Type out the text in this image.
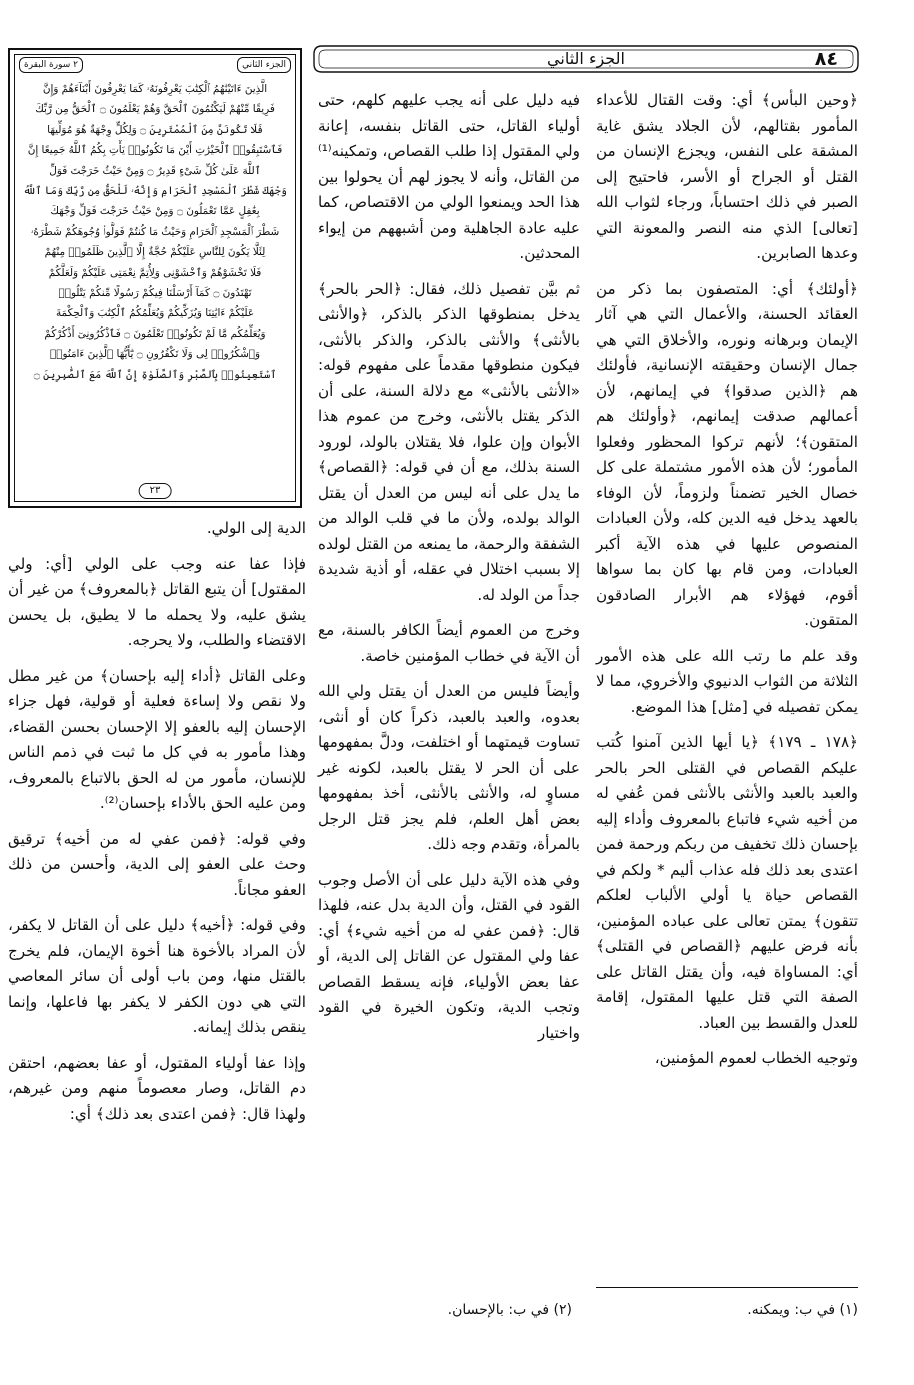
٨٤
الجزء الثاني
الجزء الثاني
٢ سورة البقرة
الَّذِينَ ءَاتَيْنَٰهُمُ ٱلْكِتَٰبَ يَعْرِفُونَهُۥ كَمَا يَعْرِفُونَ أَبْنَآءَهُمْ وَإِنَّ
فَرِيقًا مِّنْهُمْ لَيَكْتُمُونَ ٱلْحَقَّ وَهُمْ يَعْلَمُونَ ۝ ٱلْحَقُّ مِن رَّبِّكَ
فَلَا تَكُونَنَّ مِنَ ٱلْمُمْتَرِينَ ۝ وَلِكُلٍّ وِجْهَةٌ هُوَ مُوَلِّيهَا
فَٱسْتَبِقُوا۟ ٱلْخَيْرَٰتِ أَيْنَ مَا تَكُونُوا۟ يَأْتِ بِكُمُ ٱللَّهُ جَمِيعًا إِنَّ
ٱللَّهَ عَلَىٰ كُلِّ شَىْءٍ قَدِيرٌ ۝ وَمِنْ حَيْثُ خَرَجْتَ فَوَلِّ
وَجْهَكَ شَطْرَ ٱلْمَسْجِدِ ٱلْحَرَامِ وَإِنَّهُۥ لَلْحَقُّ مِن رَّبِّكَ وَمَا ٱللَّهُ
بِغَٰفِلٍ عَمَّا تَعْمَلُونَ ۝ وَمِنْ حَيْثُ خَرَجْتَ فَوَلِّ وَجْهَكَ
شَطْرَ ٱلْمَسْجِدِ ٱلْحَرَامِ وَحَيْثُ مَا كُنتُمْ فَوَلُّوا۟ وُجُوهَكُمْ شَطْرَهُۥ
لِئَلَّا يَكُونَ لِلنَّاسِ عَلَيْكُمْ حُجَّةٌ إِلَّا ٱلَّذِينَ ظَلَمُوا۟ مِنْهُمْ
فَلَا تَخْشَوْهُمْ وَٱخْشَوْنِى وَلِأُتِمَّ نِعْمَتِى عَلَيْكُمْ وَلَعَلَّكُمْ
تَهْتَدُونَ ۝ كَمَآ أَرْسَلْنَا فِيكُمْ رَسُولًا مِّنكُمْ يَتْلُوا۟
عَلَيْكُمْ ءَايَٰتِنَا وَيُزَكِّيكُمْ وَيُعَلِّمُكُمُ ٱلْكِتَٰبَ وَٱلْحِكْمَةَ
وَيُعَلِّمُكُم مَّا لَمْ تَكُونُوا۟ تَعْلَمُونَ ۝ فَٱذْكُرُونِىٓ أَذْكُرْكُمْ
وَٱشْكُرُوا۟ لِى وَلَا تَكْفُرُونِ ۝ يَٰٓأَيُّهَا ٱلَّذِينَ ءَامَنُوا۟
ٱسْتَعِينُوا۟ بِٱلصَّبْرِ وَٱلصَّلَوٰةِ إِنَّ ٱللَّهَ مَعَ ٱلصَّٰبِرِينَ ۝
٢٣

﴿وحين البأس﴾ أي: وقت القتال للأعداء المأمور بقتالهم، لأن الجلاد يشق غاية المشقة على النفس، ويجزع الإنسان من القتل أو الجراح أو الأسر، فاحتيج إلى الصبر في ذلك احتساباً، ورجاء لثواب الله [تعالى] الذي منه النصر والمعونة التي وعدها الصابرين.

﴿أولئك﴾ أي: المتصفون بما ذكر من العقائد الحسنة، والأعمال التي هي آثار الإيمان وبرهانه ونوره، والأخلاق التي هي جمال الإنسان وحقيقته الإنسانية، فأولئك هم ﴿الذين صدقوا﴾ في إيمانهم، لأن أعمالهم صدقت إيمانهم، ﴿وأولئك هم المتقون﴾؛ لأنهم تركوا المحظور وفعلوا المأمور؛ لأن هذه الأمور مشتملة على كل خصال الخير تضمناً ولزوماً، لأن الوفاء بالعهد يدخل فيه الدين كله، ولأن العبادات المنصوص عليها في هذه الآية أكبر العبادات، ومن قام بها كان بما سواها أقوم، فهؤلاء هم الأبرار الصادقون المتقون.

وقد علم ما رتب الله على هذه الأمور الثلاثة من الثواب الدنيوي والأخروي، مما لا يمكن تفصيله في [مثل] هذا الموضع.

﴿١٧٨ ـ ١٧٩﴾ ﴿يا أيها الذين آمنوا كُتب عليكم القصاص في القتلى الحر بالحر والعبد بالعبد والأنثى بالأنثى فمن عُفي له من أخيه شيء فاتباع بالمعروف وأداء إليه بإحسان ذلك تخفيف من ربكم ورحمة فمن اعتدى بعد ذلك فله عذاب أليم * ولكم في القصاص حياة يا أولي الألباب لعلكم تتقون﴾ يمتن تعالى على عباده المؤمنين، بأنه فرض عليهم ﴿القصاص في القتلى﴾ أي: المساواة فيه، وأن يقتل القاتل على الصفة التي قتل عليها المقتول، إقامة للعدل والقسط بين العباد.

وتوجيه الخطاب لعموم المؤمنين،

فيه دليل على أنه يجب عليهم كلهم، حتى أولياء القاتل، حتى القاتل بنفسه، إعانة ولي المقتول إذا طلب القصاص، وتمكينه⁽¹⁾ من القاتل، وأنه لا يجوز لهم أن يحولوا بين هذا الحد ويمنعوا الولي من الاقتصاص، كما عليه عادة الجاهلية ومن أشبههم من إيواء المحدثين.

ثم بيَّن تفصيل ذلك، فقال: ﴿الحر بالحر﴾ يدخل بمنطوقها الذكر بالذكر، ﴿والأنثى بالأنثى﴾ والأنثى بالذكر، والذكر بالأنثى، فيكون منطوقها مقدماً على مفهوم قوله: «الأنثى بالأنثى» مع دلالة السنة، على أن الذكر يقتل بالأنثى، وخرج من عموم هذا الأبوان وإن علوا، فلا يقتلان بالولد، لورود السنة بذلك، مع أن في قوله: ﴿القصاص﴾ ما يدل على أنه ليس من العدل أن يقتل الوالد بولده، ولأن ما في قلب الوالد من الشفقة والرحمة، ما يمنعه من القتل لولده إلا بسبب اختلال في عقله، أو أذية شديدة جداً من الولد له.

وخرج من العموم أيضاً الكافر بالسنة، مع أن الآية في خطاب المؤمنين خاصة.

وأيضاً فليس من العدل أن يقتل ولي الله بعدوه، والعبد بالعبد، ذكراً كان أو أنثى، تساوت قيمتهما أو اختلفت، ودلَّ بمفهومها على أن الحر لا يقتل بالعبد، لكونه غير مساوٍ له، والأنثى بالأنثى، أخذ بمفهومها بعض أهل العلم، فلم يجز قتل الرجل بالمرأة، وتقدم وجه ذلك.

وفي هذه الآية دليل على أن الأصل وجوب القود في القتل، وأن الدية بدل عنه، فلهذا قال: ﴿فمن عفي له من أخيه شيء﴾ أي: عفا ولي المقتول عن القاتل إلى الدية، أو عفا بعض الأولياء، فإنه يسقط القصاص وتجب الدية، وتكون الخيرة في القود واختيار

الدية إلى الولي.

فإذا عفا عنه وجب على الولي [أي: ولي المقتول] أن يتبع القاتل ﴿بالمعروف﴾ من غير أن يشق عليه، ولا يحمله ما لا يطيق، بل يحسن الاقتضاء والطلب، ولا يحرجه.

وعلى القاتل ﴿أداء إليه بإحسان﴾ من غير مطل ولا نقص ولا إساءة فعلية أو قولية، فهل جزاء الإحسان إليه بالعفو إلا الإحسان بحسن القضاء، وهذا مأمور به في كل ما ثبت في ذمم الناس للإنسان، مأمور من له الحق بالاتباع بالمعروف، ومن عليه الحق بالأداء بإحسان⁽²⁾.

وفي قوله: ﴿فمن عفي له من أخيه﴾ ترقيق وحث على العفو إلى الدية، وأحسن من ذلك العفو مجاناً.

وفي قوله: ﴿أخيه﴾ دليل على أن القاتل لا يكفر، لأن المراد بالأخوة هنا أخوة الإيمان، فلم يخرج بالقتل منها، ومن باب أولى أن سائر المعاصي التي هي دون الكفر لا يكفر بها فاعلها، وإنما ينقص بذلك إيمانه.

وإذا عفا أولياء المقتول، أو عفا بعضهم، احتقن دم القاتل، وصار معصوماً منهم ومن غيرهم، ولهذا قال: ﴿فمن اعتدى بعد ذلك﴾ أي:

(١) في ب: ويمكنه.
(٢) في ب: بالإحسان.
